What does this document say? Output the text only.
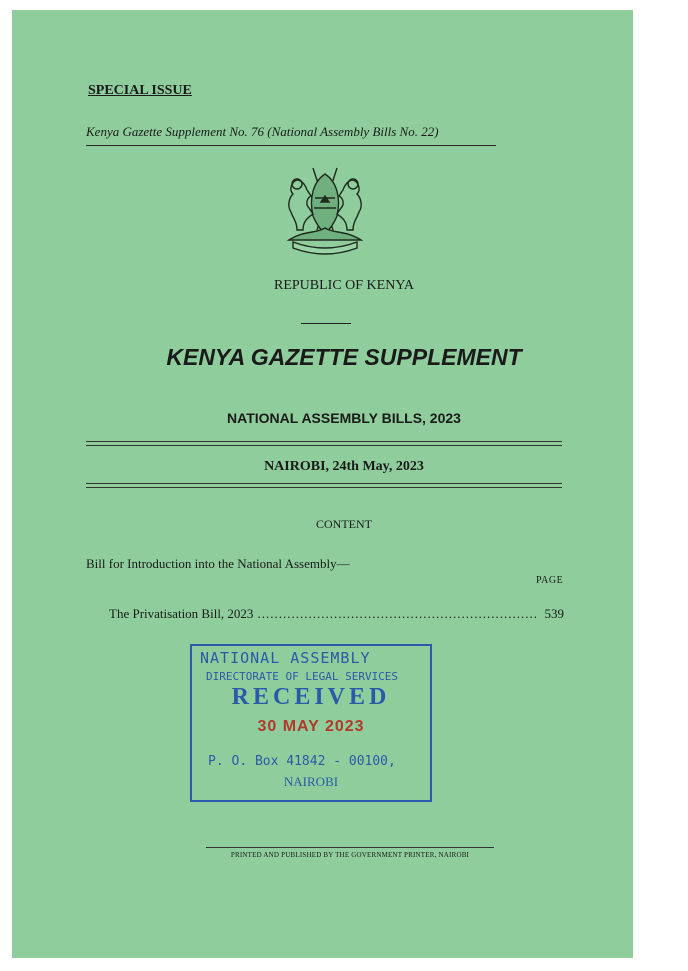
SPECIAL ISSUE
Kenya Gazette Supplement No. 76 (National Assembly Bills No. 22)
REPUBLIC OF KENYA
KENYA GAZETTE SUPPLEMENT
NATIONAL ASSEMBLY BILLS, 2023
NAIROBI, 24th May, 2023
CONTENT
Bill for Introduction into the National Assembly—
PAGE
The Privatisation Bill, 2023
.....	539
NATIONAL ASSEMBLY
DIRECTORATE OF LEGAL SERVICES
RECEIVED
30 MAY 2023
P. O. Box 41842 - 00100,
NAIROBI
PRINTED AND PUBLISHED BY THE GOVERNMENT PRINTER, NAIROBI
